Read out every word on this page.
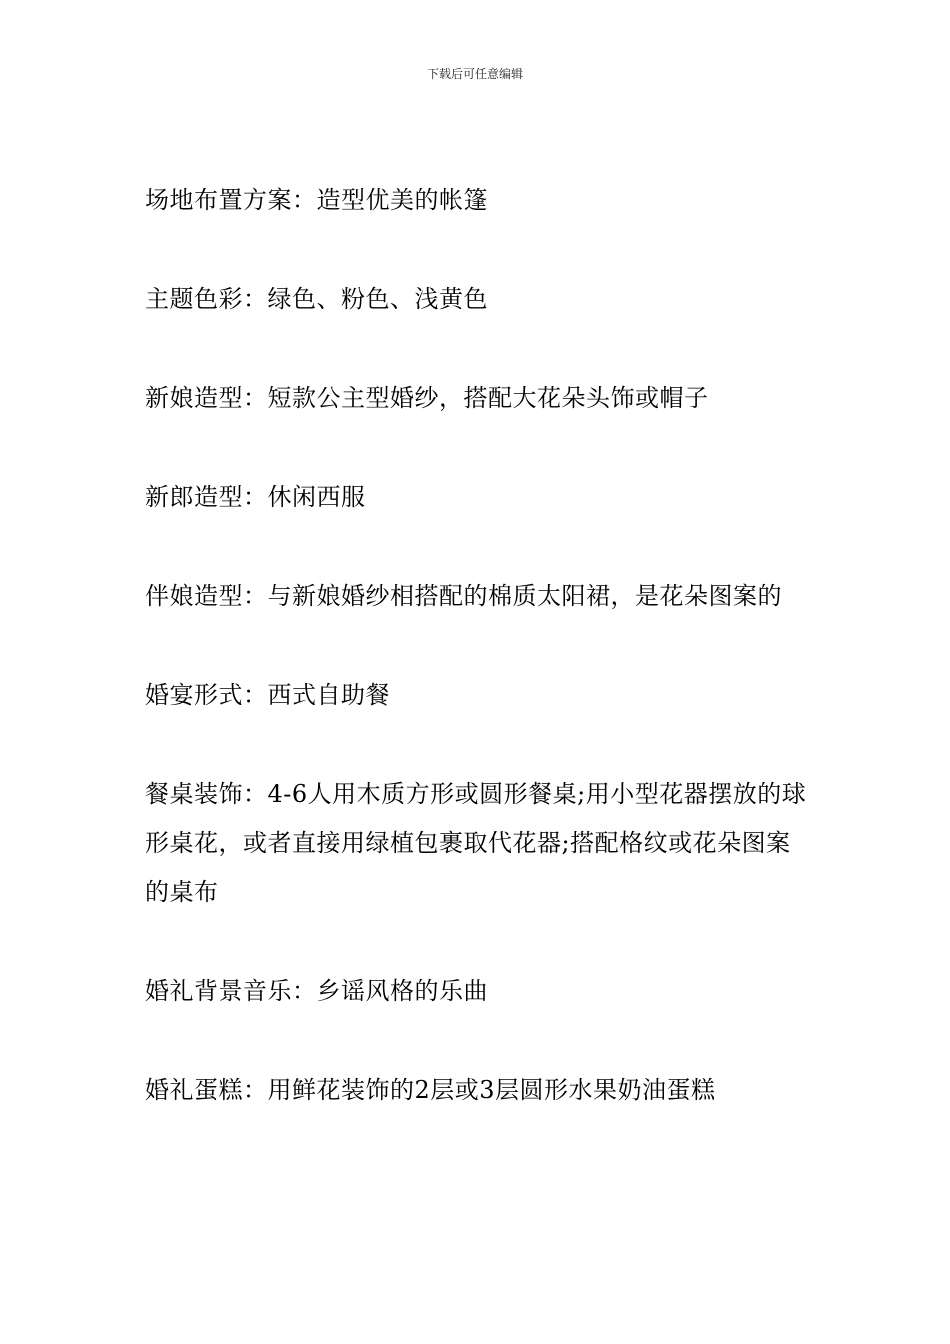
下载后可任意编辑

场地布置方案：造型优美的帐篷

主题色彩：绿色、粉色、浅黄色

新娘造型：短款公主型婚纱，搭配大花朵头饰或帽子

新郎造型：休闲西服

伴娘造型：与新娘婚纱相搭配的棉质太阳裙，是花朵图案的

婚宴形式：西式自助餐

餐桌装饰：4-6人用木质方形或圆形餐桌;用小型花器摆放的球形桌花，或者直接用绿植包裹取代花器;搭配格纹或花朵图案的桌布

婚礼背景音乐：乡谣风格的乐曲

婚礼蛋糕：用鲜花装饰的2层或3层圆形水果奶油蛋糕
